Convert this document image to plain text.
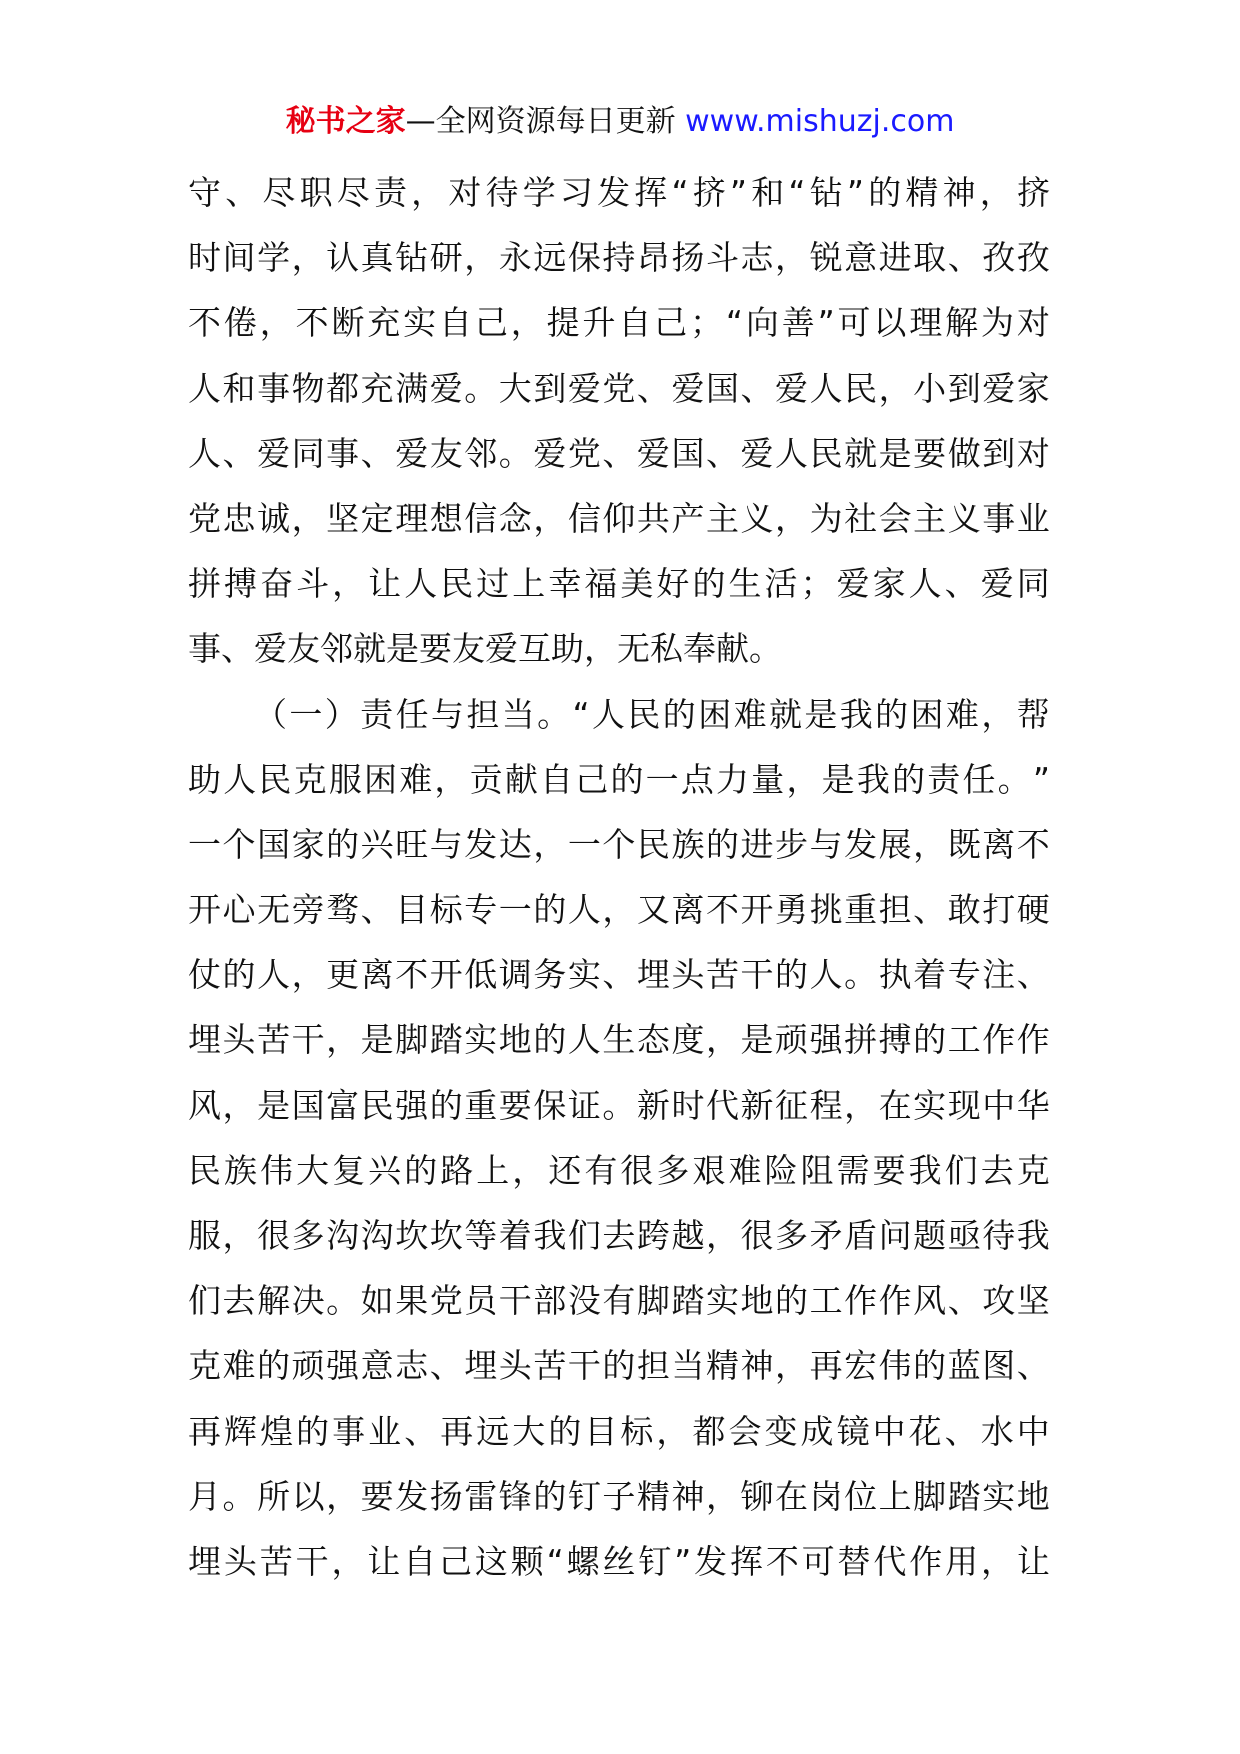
秘书之家—全网资源每日更新 www.mishuzj.com
守 、 尽 职 尽 责 ， 对 待 学 习 发 挥 “ 挤 ” 和 “ 钻 ” 的 精 神 ， 挤
时 间 学 ， 认 真 钻 研 ， 永 远 保 持 昂 扬 斗 志 ， 锐 意 进 取 、 孜 孜
不 倦 ， 不 断 充 实 自 己 ， 提 升 自 己 ； “ 向 善 ” 可 以 理 解 为 对
人 和 事 物 都 充 满 爱 。 大 到 爱 党 、 爱 国 、 爱 人 民 ， 小 到 爱 家
人 、 爱 同 事 、 爱 友 邻 。 爱 党 、 爱 国 、 爱 人 民 就 是 要 做 到 对
党 忠 诚 ， 坚 定 理 想 信 念 ， 信 仰 共 产 主 义 ， 为 社 会 主 义 事 业
拼 搏 奋 斗 ， 让 人 民 过 上 幸 福 美 好 的 生 活 ； 爱 家 人 、 爱 同
事 、 爱 友 邻 就 是 要 友 爱 互 助 ， 无 私 奉 献 。
（ 一 ） 责 任 与 担 当 。 “ 人 民 的 困 难 就 是 我 的 困 难 ， 帮
助 人 民 克 服 困 难 ， 贡 献 自 己 的 一 点 力 量 ， 是 我 的 责 任 。 ”
一 个 国 家 的 兴 旺 与 发 达 ， 一 个 民 族 的 进 步 与 发 展 ， 既 离 不
开 心 无 旁 骛 、 目 标 专 一 的 人 ， 又 离 不 开 勇 挑 重 担 、 敢 打 硬
仗 的 人 ， 更 离 不 开 低 调 务 实 、 埋 头 苦 干 的 人 。 执 着 专 注 、
埋 头 苦 干 ， 是 脚 踏 实 地 的 人 生 态 度 ， 是 顽 强 拼 搏 的 工 作 作
风 ， 是 国 富 民 强 的 重 要 保 证 。 新 时 代 新 征 程 ， 在 实 现 中 华
民 族 伟 大 复 兴 的 路 上 ， 还 有 很 多 艰 难 险 阻 需 要 我 们 去 克
服 ， 很 多 沟 沟 坎 坎 等 着 我 们 去 跨 越 ， 很 多 矛 盾 问 题 亟 待 我
们 去 解 决 。 如 果 党 员 干 部 没 有 脚 踏 实 地 的 工 作 作 风 、 攻 坚
克 难 的 顽 强 意 志 、 埋 头 苦 干 的 担 当 精 神 ， 再 宏 伟 的 蓝 图 、
再 辉 煌 的 事 业 、 再 远 大 的 目 标 ， 都 会 变 成 镜 中 花 、 水 中
月 。 所 以 ， 要 发 扬 雷 锋 的 钉 子 精 神 ， 铆 在 岗 位 上 脚 踏 实 地
埋 头 苦 干 ， 让 自 己 这 颗 “ 螺 丝 钉 ” 发 挥 不 可 替 代 作 用 ， 让
